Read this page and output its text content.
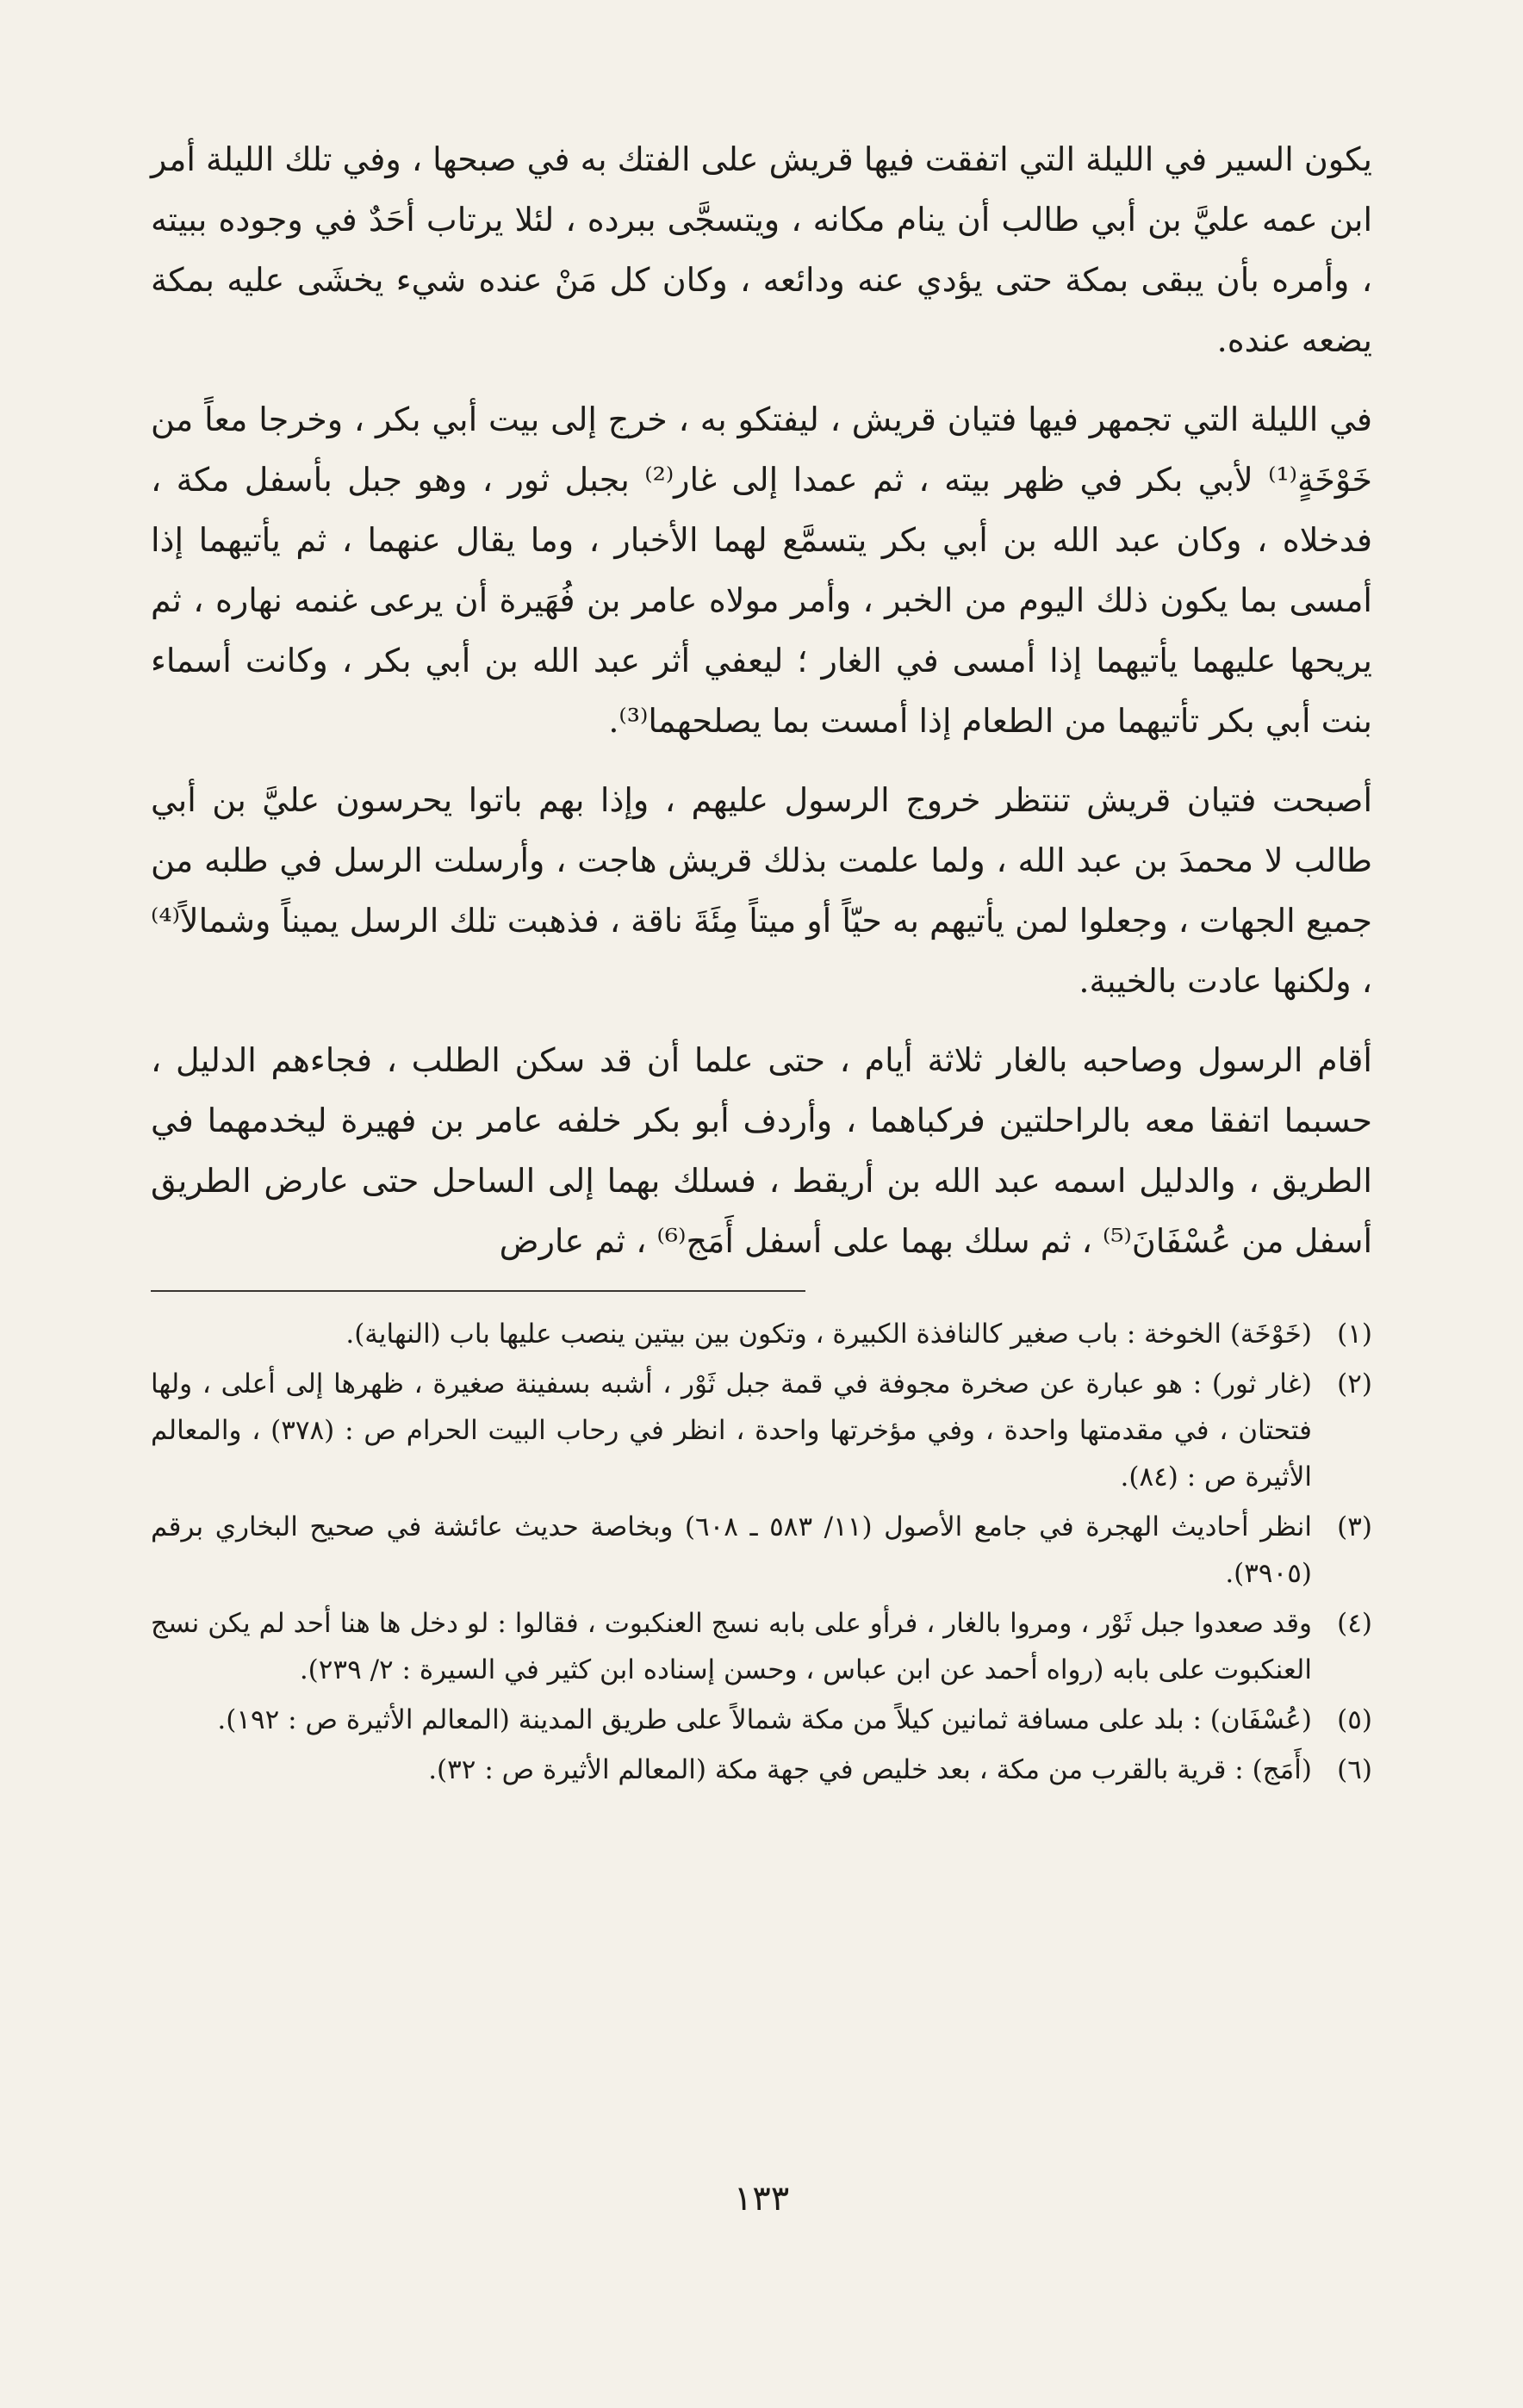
يكون السير في الليلة التي اتفقت فيها قريش على الفتك به في صبحها ، وفي تلك الليلة أمر ابن عمه عليَّ بن أبي طالب أن ينام مكانه ، ويتسجَّى ببرده ، لئلا يرتاب أحَدٌ في وجوده ببيته ، وأمره بأن يبقى بمكة حتى يؤدي عنه ودائعه ، وكان كل مَنْ عنده شيء يخشَى عليه بمكة يضعه عنده.

في الليلة التي تجمهر فيها فتيان قريش ، ليفتكو به ، خرج إلى بيت أبي بكر ، وخرجا معاً من خَوْخَةٍ⁽¹⁾ لأبي بكر في ظهر بيته ، ثم عمدا إلى غار⁽²⁾ بجبل ثور ، وهو جبل بأسفل مكة ، فدخلاه ، وكان عبد الله بن أبي بكر يتسمَّع لهما الأخبار ، وما يقال عنهما ، ثم يأتيهما إذا أمسى بما يكون ذلك اليوم من الخبر ، وأمر مولاه عامر بن فُهَيرة أن يرعى غنمه نهاره ، ثم يريحها عليهما يأتيهما إذا أمسى في الغار ؛ ليعفي أثر عبد الله بن أبي بكر ، وكانت أسماء بنت أبي بكر تأتيهما من الطعام إذا أمست بما يصلحهما⁽³⁾.

أصبحت فتيان قريش تنتظر خروج الرسول عليهم ، وإذا بهم باتوا يحرسون عليَّ بن أبي طالب لا محمدَ بن عبد الله ، ولما علمت بذلك قريش هاجت ، وأرسلت الرسل في طلبه من جميع الجهات ، وجعلوا لمن يأتيهم به حيّاً أو ميتاً مِئَةَ ناقة ، فذهبت تلك الرسل يميناً وشمالاً⁽⁴⁾ ، ولكنها عادت بالخيبة.

أقام الرسول وصاحبه بالغار ثلاثة أيام ، حتى علما أن قد سكن الطلب ، فجاءهم الدليل ، حسبما اتفقا معه بالراحلتين فركباهما ، وأردف أبو بكر خلفه عامر بن فهيرة ليخدمهما في الطريق ، والدليل اسمه عبد الله بن أريقط ، فسلك بهما إلى الساحل حتى عارض الطريق أسفل من عُسْفَانَ⁽⁵⁾ ، ثم سلك بهما على أسفل أَمَج⁽⁶⁾ ، ثم عارض

(١)
(خَوْخَة) الخوخة : باب صغير كالنافذة الكبيرة ، وتكون بين بيتين ينصب عليها باب (النهاية).
(٢)
(غار ثور) : هو عبارة عن صخرة مجوفة في قمة جبل ثَوْر ، أشبه بسفينة صغيرة ، ظهرها إلى أعلى ، ولها فتحتان ، في مقدمتها واحدة ، وفي مؤخرتها واحدة ، انظر في رحاب البيت الحرام ص : (٣٧٨) ، والمعالم الأثيرة ص : (٨٤).
(٣)
انظر أحاديث الهجرة في جامع الأصول (١١/ ٥٨٣ ـ ٦٠٨) وبخاصة حديث عائشة في صحيح البخاري برقم (٣٩٠٥).
(٤)
وقد صعدوا جبل ثَوْر ، ومروا بالغار ، فرأو على بابه نسج العنكبوت ، فقالوا : لو دخل ها هنا أحد لم يكن نسج العنكبوت على بابه (رواه أحمد عن ابن عباس ، وحسن إسناده ابن كثير في السيرة : ٢/ ٢٣٩).
(٥)
(عُسْفَان) : بلد على مسافة ثمانين كيلاً من مكة شمالاً على طريق المدينة (المعالم الأثيرة ص : ١٩٢).
(٦)
(أَمَج) : قرية بالقرب من مكة ، بعد خليص في جهة مكة (المعالم الأثيرة ص : ٣٢).
١٣٣
